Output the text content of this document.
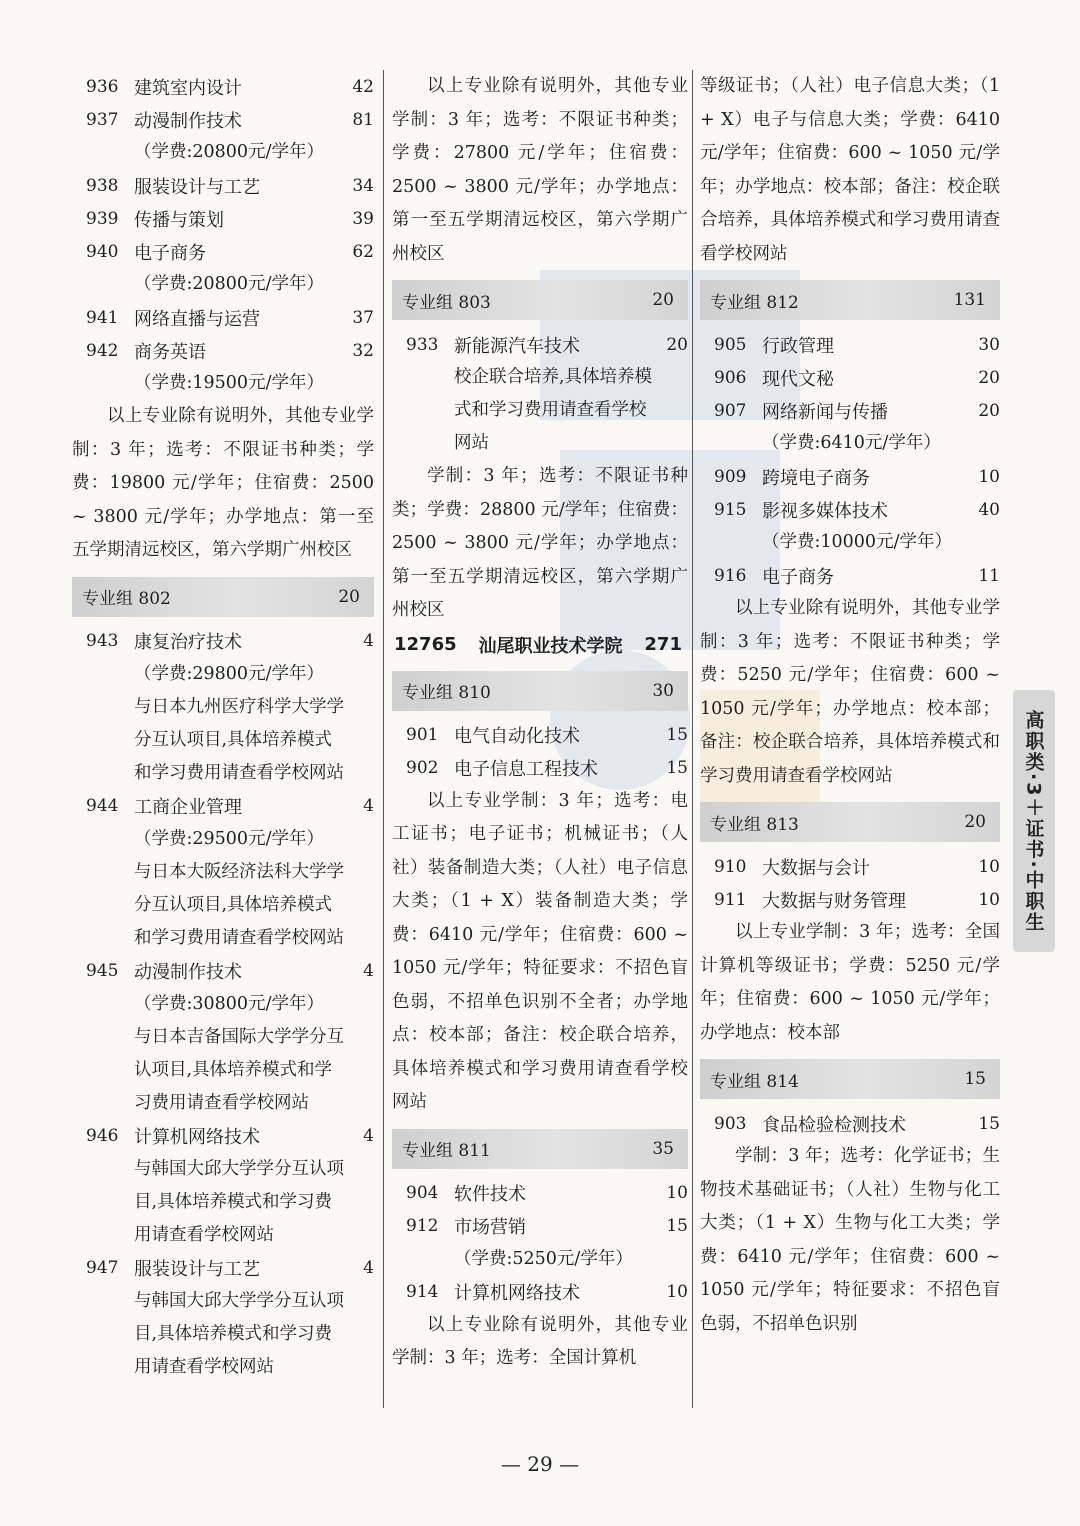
936 建筑室内设计	42
937 动漫制作技术	81
（学费:20800元/学年）
938 服装设计与工艺	34
939 传播与策划	39
940 电子商务	62
（学费:20800元/学年）
941 网络直播与运营	37
942 商务英语	32
（学费:19500元/学年）
以上专业除有说明外，其他专业学制：3 年；选考：不限证书种类；学费：19800 元/学年；住宿费：2500 ~ 3800 元/学年；办学地点：第一至五学期清远校区，第六学期广州校区
专业组 802	20
943 康复治疗技术	4
（学费:29800元/学年）
与日本九州医疗科学大学学
分互认项目,具体培养模式
和学习费用请查看学校网站
944 工商企业管理	4
（学费:29500元/学年）
与日本大阪经济法科大学学
分互认项目,具体培养模式
和学习费用请查看学校网站
945 动漫制作技术	4
（学费:30800元/学年）
与日本吉备国际大学学分互
认项目,具体培养模式和学
习费用请查看学校网站
946 计算机网络技术	4
与韩国大邱大学学分互认项
目,具体培养模式和学习费
用请查看学校网站
947 服装设计与工艺	4
与韩国大邱大学学分互认项
目,具体培养模式和学习费
用请查看学校网站
以上专业除有说明外，其他专业学制：3 年；选考：不限证书种类；学费：27800 元/学年；住宿费：2500 ~ 3800 元/学年；办学地点：第一至五学期清远校区，第六学期广州校区
专业组 803	20
933 新能源汽车技术	20
校企联合培养,具体培养模
式和学习费用请查看学校
网站
学制：3 年；选考：不限证书种类；学费：28800 元/学年；住宿费：2500 ~ 3800 元/学年；办学地点：第一至五学期清远校区，第六学期广州校区
12765 汕尾职业技术学院 271
专业组 810	30
901 电气自动化技术	15
902 电子信息工程技术	15
以上专业学制：3 年；选考：电工证书；电子证书；机械证书；（人社）装备制造大类；（人社）电子信息大类；（1 + X）装备制造大类；学费：6410 元/学年；住宿费：600 ~ 1050 元/学年；特征要求：不招色盲色弱，不招单色识别不全者；办学地点：校本部；备注：校企联合培养，具体培养模式和学习费用请查看学校网站
专业组 811	35
904 软件技术	10
912 市场营销	15
（学费:5250元/学年）
914 计算机网络技术	10
以上专业除有说明外，其他专业学制：3 年；选考：全国计算机
等级证书；（人社）电子信息大类；（1 + X）电子与信息大类；学费：6410 元/学年；住宿费：600 ~ 1050 元/学年；办学地点：校本部；备注：校企联合培养，具体培养模式和学习费用请查看学校网站
专业组 812	131
905 行政管理	30
906 现代文秘	20
907 网络新闻与传播	20
（学费:6410元/学年）
909 跨境电子商务	10
915 影视多媒体技术	40
（学费:10000元/学年）
916 电子商务	11
以上专业除有说明外，其他专业学制：3 年；选考：不限证书种类；学费：5250 元/学年；住宿费：600 ~ 1050 元/学年；办学地点：校本部；备注：校企联合培养，具体培养模式和学习费用请查看学校网站
专业组 813	20
910 大数据与会计	10
911 大数据与财务管理	10
以上专业学制：3 年；选考：全国计算机等级证书；学费：5250 元/学年；住宿费：600 ~ 1050 元/学年；办学地点：校本部
专业组 814	15
903 食品检验检测技术	15
学制：3 年；选考：化学证书；生物技术基础证书；（人社）生物与化工大类；（1 + X）生物与化工大类；学费：6410 元/学年；住宿费：600 ~ 1050 元/学年；特征要求：不招色盲色弱，不招单色识别
高职类·3＋证书·中职生
— 29 —
